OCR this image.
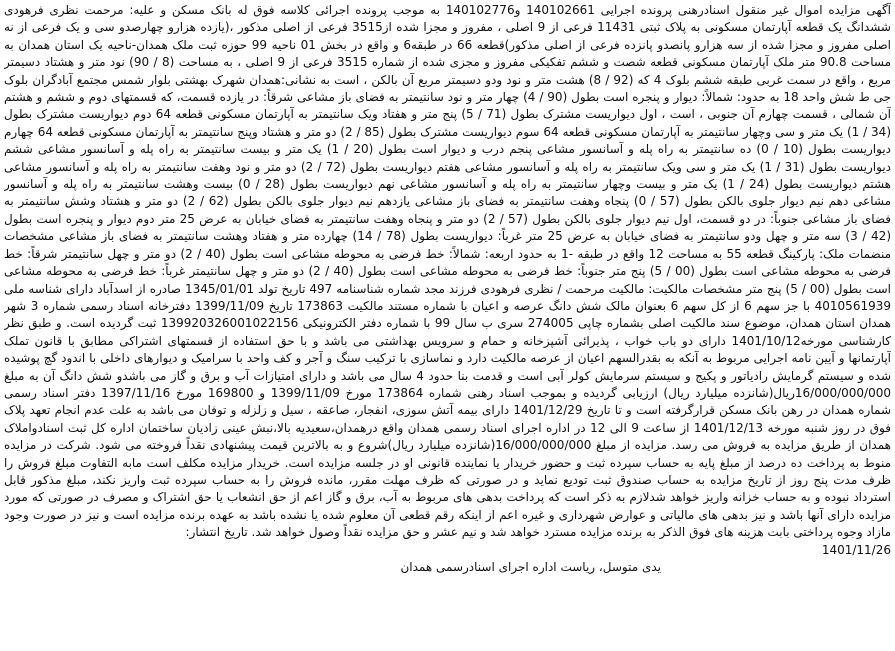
آگهی مزایده اموال غیر منقول اسنادرهنی پرونده اجرایی 140102661 و140102776 به موجب پرونده اجرائی کلاسه فوق له بانک مسکن و علیه: مرحمت نظری فرهودی ششدانگ یک قطعه آپارتمان مسکونی به پلاک ثبتی 11431 فرعی از 9 اصلی ، مفروز و مجزا شده از3515 فرعی از اصلی مذکور ،(یازده هزارو چهارصدو سی و یک فرعی از نه اصلی مفروز و مجزا شده از سه هزارو پانصدو پانزده فرعی از اصلی مذکور)قطعه 66 در طبقه6 و واقع در بخش 01 ناحیه 99 حوزه ثبت ملک همدان-ناحیه یک استان همدان به مساحت 90.8 متر ملک آپارتمان مسکونی قطعه شصت و ششم تفکیکی مفروز و مجزی شده از شماره 3515 فرعی از 9 اصلی ، به مساحت (8 / 90) نود متر و هشتاد دسیمتر مربع ، واقع در سمت غربی طبقه ششم بلوک 4 که (92 / 8) هشت متر و نود ودو دسیمتر مربع آن بالکن ، است به نشانی:همدان شهرک بهشتی بلوار شمس مجتمع آبادگران بلوک جی ط شش واحد 18 به حدود: شمالاً: دیوار و پنجره است بطول (90 / 4) چهار متر و نود سانتیمتر به فضای باز مشاعی شرقاً: در یازده قسمت، که قسمتهای دوم و ششم و هشتم آن شمالی ، قسمت چهارم آن جنوبی ، است ، اول دیواریست مشترک بطول (71 / 5) پنج متر و هفتاد ویک سانتیمتر به آپارتمان مسکونی قطعه 64 دوم دیواریست مشترک بطول (34 / 1) یک متر و سی وچهار سانتیمتر به آپارتمان مسکونی قطعه 64 سوم دیواریست مشترک بطول (85 / 2) دو متر و هشتاد وپنج سانتیمتر به آپارتمان مسکونی قطعه 64 چهارم دیواریست بطول (10 / 0) ده سانتیمتر به راه پله و آسانسور مشاعی پنجم درب و دیوار است بطول (20 / 1) یک متر و بیست سانتیمتر به راه پله و آسانسور مشاعی ششم دیواریست بطول (31 / 1) یک متر و سی ویک سانتیمتر به راه پله و آسانسور مشاعی هفتم دیواریست بطول (72 / 2) دو متر و نود وهفت سانتیمتر به راه پله و آسانسور مشاعی هشتم دیواریست بطول (24 / 1) یک متر و بیست وچهار سانتیمتر به راه پله و آسانسور مشاعی نهم دیواریست بطول (28 / 0) بیست وهشت سانتیمتر به راه پله و آسانسور مشاعی دهم نیم دیوار جلوی بالکن بطول (57 / 0) پنجاه وهفت سانتیمتر به فضای باز مشاعی یازدهم نیم دیوار جلوی بالکن بطول (62 / 2) دو متر و هشتاد وشش سانتیمتر به فضای باز مشاعی جنوباً: در دو قسمت، اول نیم دیوار جلوی بالکن بطول (57 / 2) دو متر و پنجاه وهفت سانتیمتر به فضای خیابان به عرض 25 متر دوم دیوار و پنجره است بطول (42 / 3) سه متر و چهل ودو سانتیمتر به فضای خیابان به عرض 25 متر غرباً: دیواریست بطول (78 / 14) چهارده متر و هفتاد وهشت سانتیمتر به فضای باز مشاعی مشخصات منضمات ملک: پارکینگ قطعه 55 به مساحت 12 واقع در طبقه -1 به حدود اربعه: شمالاً: خط فرضی به محوطه مشاعی است بطول (40 / 2) دو متر و چهل سانتیمتر شرقاً: خط فرضی به محوطه مشاعی است بطول (00 / 5) پنج متر جنوباً: خط فرضی به محوطه مشاعی است بطول (40 / 2) دو متر و چهل سانتیمتر غرباً: خط فرضی به محوطه مشاعی است بطول (00 / 5) پنج متر مشخصات مالکیت: مالکیت مرحمت / نظری فرهودی فرزند مجد شماره شناسنامه 497 تاریخ تولد 1345/01/01 صادره از اسدآباد دارای شناسه ملی 4010561939 با جز سهم 6 از کل سهم 6 بعنوان مالک شش دانگ عرصه و اعیان با شماره مستند مالکیت 173863 تاریخ 1399/11/09 دفترخانه اسناد رسمی شماره 3 شهر همدان استان همدان، موضوع سند مالکیت اصلی بشماره چاپی 274005 سری ب سال 99 با شماره دفتر الکترونیکی 139920326001022156 ثبت گردیده است. و طبق نظر کارشناسی مورخه1401/10/12 دارای دو باب خواب ، پذیرائی آشپزخانه و حمام و سرویس بهداشتی می باشد و با حق استفاده از قسمتهای اشتراکی مطابق با قانون تملک آپارتمانها و آیین نامه اجرایی مربوط به آنکه به بقدرالسهم اعیان از عرصه مالکیت دارد و نماسازی با ترکیب سنگ و آجر و کف واحد با سرامیک و دیوارهای داخلی با اندود گچ پوشیده شده و سیستم گرمایش رادیاتور و پکیج و سیستم سرمایش کولر آبی است و قدمت بنا حدود 4 سال می باشد و دارای امتیازات آب و برق و گاز می باشدو شش دانگ آن به مبلغ 16/000/000/000ریال(شانزده میلیارد ریال) ارزیابی گردیده و بموجب اسناد رهنی شماره 173864 مورخ 1399/11/09 و 169800 مورخ 1397/11/16 دفتر اسناد رسمی شماره همدان در رهن بانک مسکن قرارگرفته است و تا تاریخ 1401/12/29 دارای بیمه آتش سوزی، انفجار، صاعقه ، سیل و زلزله و توفان می باشد به علت عدم انجام تعهد پلاک فوق در روز شنبه مورخه 1401/12/13 از ساعت 9 الی 12 در اداره اجرای اسناد رسمی همدان واقع درهمدان،سعیدیه بالا،نبش عینی زادیان ساختمان اداره کل ثبت اسنادواملاک همدان از طریق مزایده به فروش می رسد. مزایده از مبلغ 16/000/000/000(شانزده میلیارد ریال)شروع و به بالاترین قیمت پیشنهادی نقداً فروخته می شود. شرکت در مزایده منوط به پرداخت ده درصد از مبلغ پایه به حساب سپرده ثبت و حضور خریدار یا نماینده قانونی او در جلسه مزایده است. خریدار مزایده مکلف است مابه التفاوت مبلغ فروش را ظرف مدت پنج روز از تاریخ مزایده به حساب صندوق ثبت تودیع نماید و در صورتی که ظرف مهلت مقرر، مانده فروش را به حساب سپرده ثبت واریز نکند، مبلغ مذکور قابل استرداد نبوده و به حساب خزانه واریز خواهد شدلازم به ذکر است که پرداخت بدهی های مربوط به آب، برق و گاز اعم از حق انشعاب یا حق اشتراک و مصرف در صورتی که مورد مزایده دارای آنها باشد و نیز بدهی های مالیاتی و عوارض شهرداری و غیره اعم از اینکه رقم قطعی آن معلوم شده یا نشده باشد به عهده برنده مزایده است و نیز در صورت وجود مازاد وجوه پرداختی بابت هزینه های فوق الذکر به برنده مزایده مسترد خواهد شد و نیم عشر و حق مزایده نقداً وصول خواهد شد. تاریخ انتشار:
1401/11/26
یدی متوسل، ریاست اداره اجرای اسنادرسمی همدان
